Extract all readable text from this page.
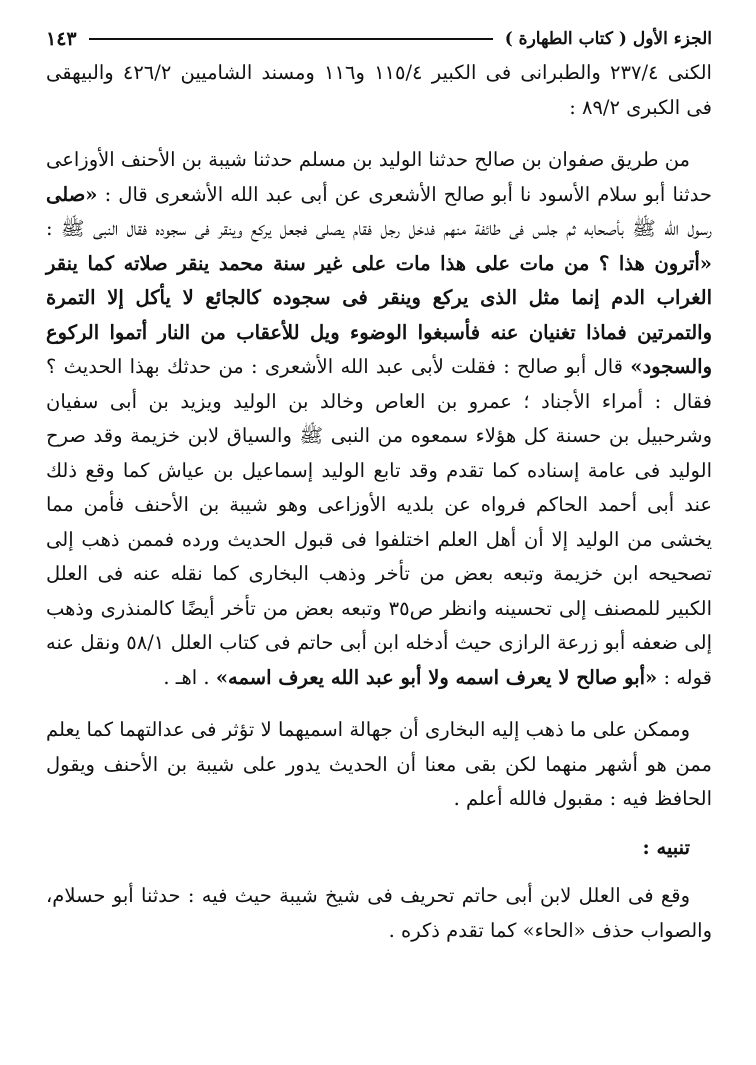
الجزء الأول ( كتاب الطهارة )
١٤٣

الكنى ٢٣٧/٤ والطبرانى فى الكبير ١١٥/٤ و١١٦ ومسند الشاميين ٤٢٦/٢ والبيهقى فى الكبرى ٨٩/٢ :

من طريق صفوان بن صالح حدثنا الوليد بن مسلم حدثنا شيبة بن الأحنف الأوزاعى حدثنا أبو سلام الأسود نا أبو صالح الأشعرى عن أبى عبد الله الأشعرى قال : «صلى رسول الله ﷺ بأصحابه ثم جلس فى طائفة منهم فدخل رجل فقام يصلى فجعل يركع وينقر فى سجوده فقال النبى ﷺ : «أترون هذا ؟ من مات على هذا مات على غير سنة محمد ينقر صلاته كما ينقر الغراب الدم إنما مثل الذى يركع وينقر فى سجوده كالجائع لا يأكل إلا التمرة والتمرتين فماذا تغنيان عنه فأسبغوا الوضوء ويل للأعقاب من النار أتموا الركوع والسجود» قال أبو صالح : فقلت لأبى عبد الله الأشعرى : من حدثك بهذا الحديث ؟ فقال : أمراء الأجناد ؛ عمرو بن العاص وخالد بن الوليد ويزيد بن أبى سفيان وشرحبيل بن حسنة كل هؤلاء سمعوه من النبى ﷺ والسياق لابن خزيمة وقد صرح الوليد فى عامة إسناده كما تقدم وقد تابع الوليد إسماعيل بن عياش كما وقع ذلك عند أبى أحمد الحاكم فرواه عن بلديه الأوزاعى وهو شيبة بن الأحنف فأمن مما يخشى من الوليد إلا أن أهل العلم اختلفوا فى قبول الحديث ورده فممن ذهب إلى تصحيحه ابن خزيمة وتبعه بعض من تأخر وذهب البخارى كما نقله عنه فى العلل الكبير للمصنف إلى تحسينه وانظر ص٣٥ وتبعه بعض من تأخر أيضًا كالمنذرى وذهب إلى ضعفه أبو زرعة الرازى حيث أدخله ابن أبى حاتم فى كتاب العلل ٥٨/١ ونقل عنه قوله : «أبو صالح لا يعرف اسمه ولا أبو عبد الله يعرف اسمه» . اهـ .

وممكن على ما ذهب إليه البخارى أن جهالة اسميهما لا تؤثر فى عدالتهما كما يعلم ممن هو أشهر منهما لكن بقى معنا أن الحديث يدور على شيبة بن الأحنف ويقول الحافظ فيه : مقبول فالله أعلم .

تنبيه :

وقع فى العلل لابن أبى حاتم تحريف فى شيخ شيبة حيث فيه : حدثنا أبو حسلام، والصواب حذف «الحاء» كما تقدم ذكره .
